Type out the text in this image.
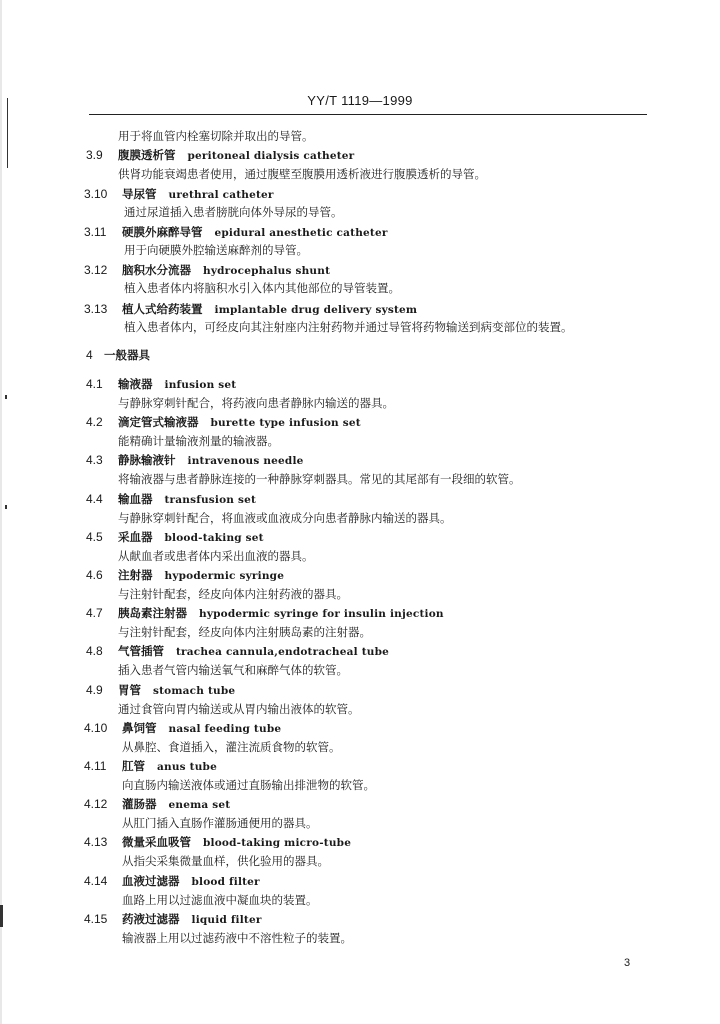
YY/T 1119—1999
用于将血管内栓塞切除并取出的导管。
3.9 腹膜透析管 peritoneal dialysis catheter
供肾功能衰竭患者使用，通过腹壁至腹膜用透析液进行腹膜透析的导管。
3.10 导尿管 urethral catheter
通过尿道插入患者膀胱向体外导尿的导管。
3.11 硬膜外麻醉导管 epidural anesthetic catheter
用于向硬膜外腔输送麻醉剂的导管。
3.12 脑积水分流器 hydrocephalus shunt
植入患者体内将脑积水引入体内其他部位的导管装置。
3.13 植人式给药装置 implantable drug delivery system
植入患者体内，可经皮向其注射座内注射药物并通过导管将药物输送到病变部位的装置。
4 一般器具
4.1 输液器 infusion set
与静脉穿刺针配合，将药液向患者静脉内输送的器具。
4.2 滴定管式输液器 burette type infusion set
能精确计量输液剂量的输液器。
4.3 静脉输液针 intravenous needle
将输液器与患者静脉连接的一种静脉穿刺器具。常见的其尾部有一段细的软管。
4.4 输血器 transfusion set
与静脉穿刺针配合，将血液或血液成分向患者静脉内输送的器具。
4.5 采血器 blood-taking set
从献血者或患者体内采出血液的器具。
4.6 注射器 hypodermic syringe
与注射针配套，经皮向体内注射药液的器具。
4.7 胰岛素注射器 hypodermic syringe for insulin injection
与注射针配套，经皮向体内注射胰岛素的注射器。
4.8 气管插管 trachea cannula,endotracheal tube
插入患者气管内输送氧气和麻醉气体的软管。
4.9 胃管 stomach tube
通过食管向胃内输送或从胃内输出液体的软管。
4.10 鼻饲管 nasal feeding tube
从鼻腔、食道插入，灌注流质食物的软管。
4.11 肛管 anus tube
向直肠内输送液体或通过直肠输出排泄物的软管。
4.12 灌肠器 enema set
从肛门插入直肠作灌肠通便用的器具。
4.13 微量采血吸管 blood-taking micro-tube
从指尖采集微量血样，供化验用的器具。
4.14 血液过滤器 blood filter
血路上用以过滤血液中凝血块的装置。
4.15 药液过滤器 liquid filter
输液器上用以过滤药液中不溶性粒子的装置。
3
